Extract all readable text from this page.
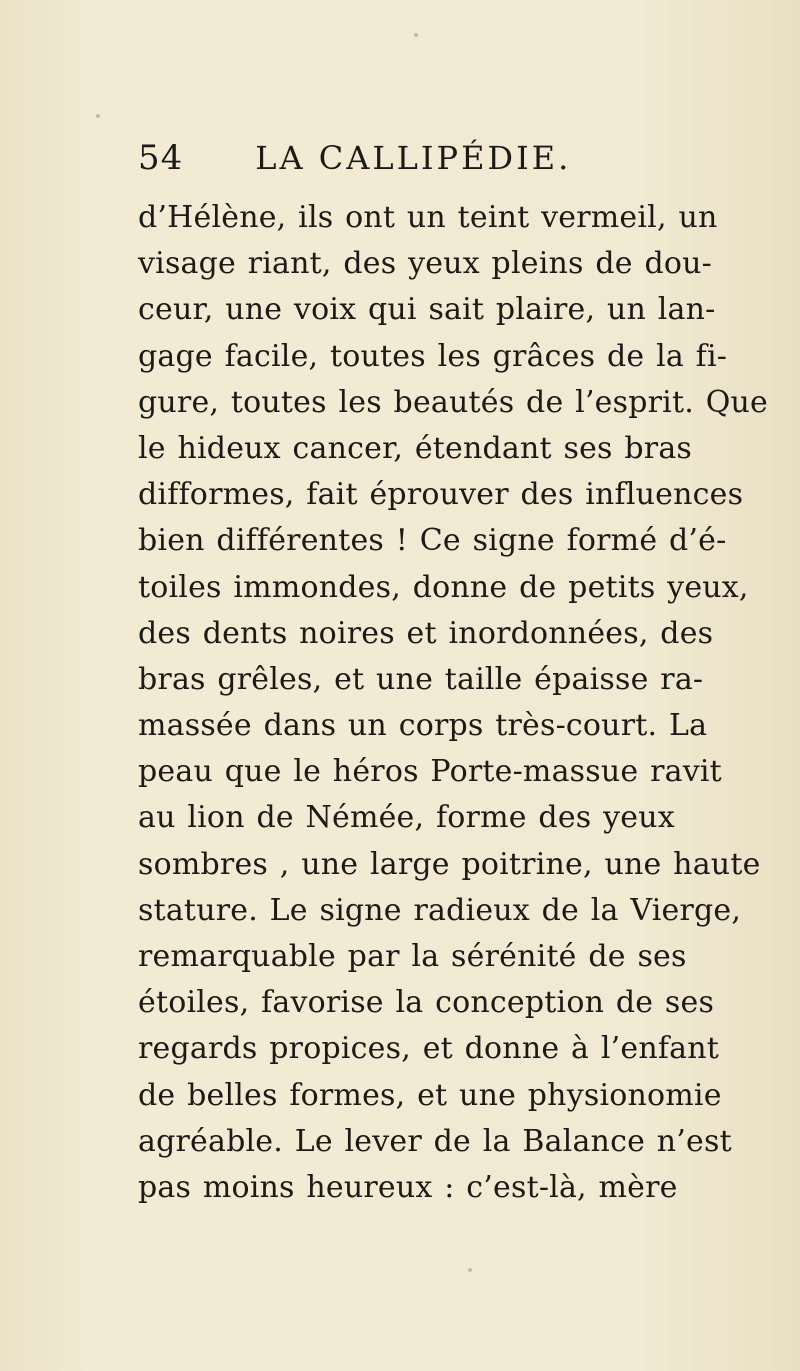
54 LA CALLIPÉDIE.
d’Hélène, ils ont un teint vermeil, un
visage riant, des yeux pleins de dou-
ceur, une voix qui sait plaire, un lan-
gage facile, toutes les grâces de la fi-
gure, toutes les beautés de l’esprit. Que
le hideux cancer, étendant ses bras
difformes, fait éprouver des influences
bien différentes ! Ce signe formé d’é-
toiles immondes, donne de petits yeux,
des dents noires et inordonnées, des
bras grêles, et une taille épaisse ra-
massée dans un corps très-court. La
peau que le héros Porte-massue ravit
au lion de Némée, forme des yeux
sombres , une large poitrine, une haute
stature. Le signe radieux de la Vierge,
remarquable par la sérénité de ses
étoiles, favorise la conception de ses
regards propices, et donne à l’enfant
de belles formes, et une physionomie
agréable. Le lever de la Balance n’est
pas moins heureux : c’est-là, mère
